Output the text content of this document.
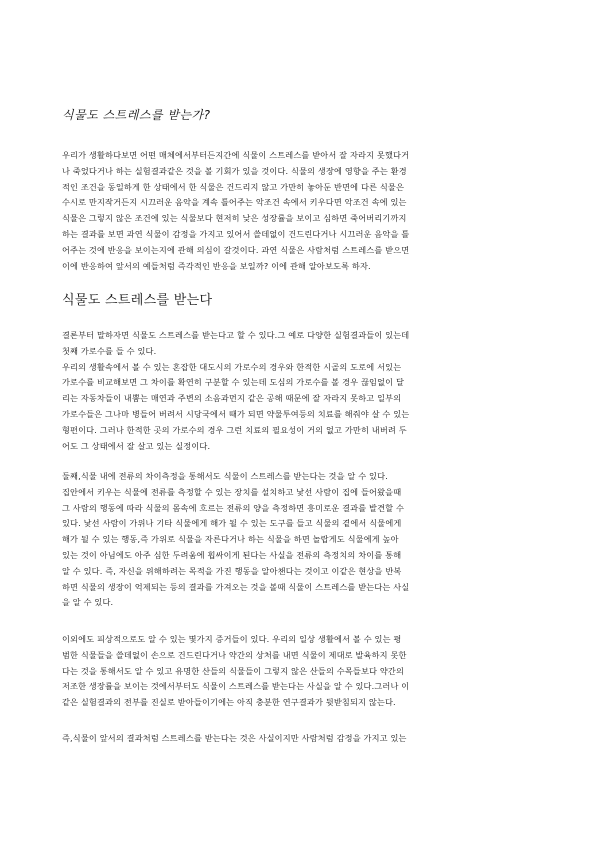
식물도 스트레스를 받는가?
우리가 생활하다보면 어떤 매체에서부터든지간에 식물이 스트레스를 받아서 잘 자라지 못했다거
나 죽었다거나 하는 실험결과같은 것을 볼 기회가 있을 것이다. 식물의 생장에 영향을 주는 환경
적인 조건을 동일하게 한 상태에서 한 식물은 건드리지 않고 가만히 놓아둔 반면에 다른 식물은
수시로 만지작거든지 시끄러운 음악을 계속 틀어주는 악조건 속에서 키우다면 악조건 속에 있는
식물은 그렇지 않은 조건에 있는 식물보다 현저히 낮은 성장률을 보이고 심하면 죽어버리기까지
하는 결과를 보면 과연 식물이 감정을 가지고 있어서 쓸데없이 건드린다거나 시끄러운 음악을 틀
어주는 것에 반응을 보이는지에 관해 의심이 갈것이다. 과연 식물은 사람처럼 스트레스를 받으면
이에 반응하여 앞서의 예들처럼 즉각적인 반응을 보일까? 이에 관해 알아보도록 하자.
식물도 스트레스를 받는다
결론부터 말하자면 식물도 스트레스를 받는다고 할 수 있다.그 예로 다양한 실험결과들이 있는데
첫째 가로수를 들 수 있다.
우리의 생활속에서 볼 수 있는 혼잡한 대도시의 가로수의 경우와 한적한 시골의 도로에 서있는
가로수를 비교해보면 그 차이를 확연히 구분할 수 있는데 도심의 가로수를 볼 경우 끊임없이 달
리는 자동차들이 내뿜는 매연과 주변의 소음과먼지 같은 공해 때문에 잘 자라지 못하고 일부의
가로수들은 그나마 병들어 버려서 시당국에서 때가 되면 약물투여등의 치료를 해줘야 살 수 있는
형편이다. 그러나 한적한 곳의 가로수의 경우 그런 치료의 필요성이 거의 없고 가만히 내버려 두
어도 그 상태에서 잘 살고 있는 실정이다.
둘째,식물 내에 전류의 차이측정을 통해서도 식물이 스트레스를 받는다는 것을 알 수 있다.
집안에서 키우는 식물에 전류를 측정할 수 있는 장치를 설치하고 낯선 사람이 집에 들어왔을때
그 사람의 행동에 따라 식물의 몸속에 흐르는 전류의 양을 측정하면 흥미로운 결과를 발견할 수
있다. 낯선 사람이 가위나 기타 식물에게 해가 될 수 있는 도구를 들고 식물의 곁에서 식물에게
해가 될 수 있는 행동,즉 가위로 식물을 자른다거나 하는 식물을 하면 놀랍게도 식물에게 높아
있는 것이 아님에도 아주 심한 두려움에 휩싸이게 된다는 사실을 전류의 측정치의 차이를 통해
알 수 있다. 즉, 자신을 위해하려는 목적을 가진 행동을 알아챈다는 것이고 이같은 현상을 반복
하면 식물의 생장이 억제되는 등의 결과를 가져오는 것을 볼때 식물이 스트레스를 받는다는 사실
을 알 수 있다.
이외에도 피상적으로도 알 수 있는 몇가지 증거들이 있다. 우리의 일상 생활에서 볼 수 있는 평
범한 식물들을 쓸데없이 손으로 건드린다거나 약간의 상처를 내면 식물이 제대로 발육하지 못한
다는 것을 통해서도 알 수 있고 유명한 산들의 식물들이 그렇지 않은 산들의 수목들보다 약간의
저조한 생장률을 보이는 것에서부터도 식물이 스트레스를 받는다는 사실을 알 수 있다.그러나 이
같은 실험결과의 전부를 진실로 받아들이기에는 아직 충분한 연구결과가 뒷받침되지 않는다.
즉,식물이 앞서의 결과처럼 스트레스를 받는다는 것은 사실이지만 사람처럼 감정을 가지고 있는
